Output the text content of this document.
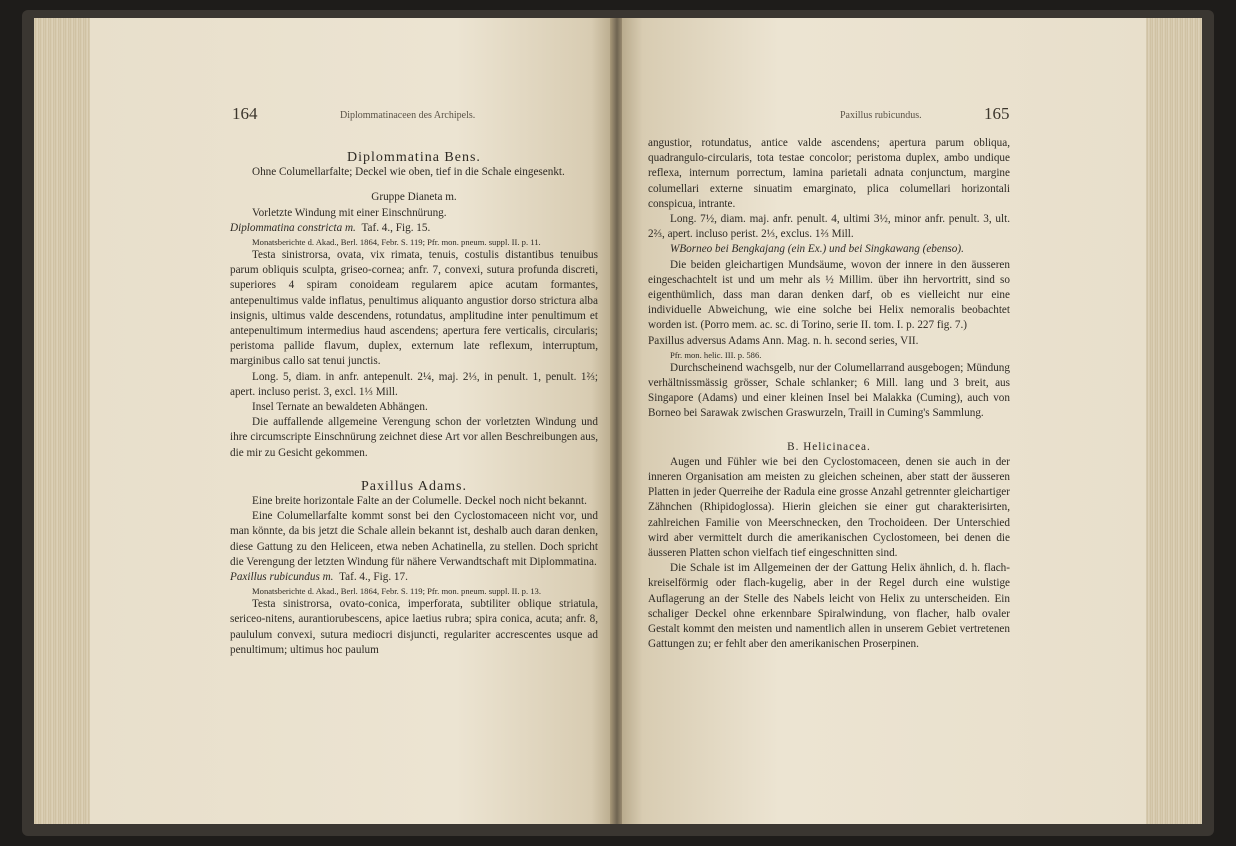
164	Diplommatinaceen des Archipels.

Diplommatina Bens.

Ohne Columellarfalte; Deckel wie oben, tief in die Schale eingesenkt.

Gruppe Dianeta m.

Vorletzte Windung mit einer Einschnürung.

Diplommatina constricta m. Taf. 4., Fig. 15.

Monatsberichte d. Akad., Berl. 1864, Febr. S. 119; Pfr. mon. pneum. suppl. II. p. 11.

Testa sinistrorsa, ovata, vix rimata, tenuis, costulis distantibus tenuibus parum obliquis sculpta, griseo-cornea; anfr. 7, convexi, sutura profunda discreti, superiores 4 spiram conoideam regularem apice acutam formantes, antepenultimus valde inflatus, penultimus aliquanto angustior dorso strictura alba insignis, ultimus valde descendens, rotundatus, amplitudine inter penultimum et antepenultimum intermedius haud ascendens; apertura fere verticalis, circularis; peristoma pallide flavum, duplex, externum late reflexum, interruptum, marginibus callo sat tenui junctis.

Long. 5, diam. in anfr. antepenult. 2¼, maj. 2⅓, in penult. 1, penult. 1⅔; apert. incluso perist. 3, excl. 1⅓ Mill.

Insel Ternate an bewaldeten Abhängen.

Die auffallende allgemeine Verengung schon der vorletzten Windung und ihre circumscripte Einschnürung zeichnet diese Art vor allen Beschreibungen aus, die mir zu Gesicht gekommen.

Paxillus Adams.

Eine breite horizontale Falte an der Columelle. Deckel noch nicht bekannt.

Eine Columellarfalte kommt sonst bei den Cyclostomaceen nicht vor, und man könnte, da bis jetzt die Schale allein bekannt ist, deshalb auch daran denken, diese Gattung zu den Heliceen, etwa neben Achatinella, zu stellen. Doch spricht die Verengung der letzten Windung für nähere Verwandtschaft mit Diplommatina.

Paxillus rubicundus m. Taf. 4., Fig. 17.

Monatsberichte d. Akad., Berl. 1864, Febr. S. 119; Pfr. mon. pneum. suppl. II. p. 13.

Testa sinistrorsa, ovato-conica, imperforata, subtiliter oblique striatula, sericeo-nitens, aurantiorubescens, apice laetius rubra; spira conica, acuta; anfr. 8, paululum convexi, sutura mediocri disjuncti, regulariter accrescentes usque ad penultimum; ultimus hoc paulum

Paxillus rubicundus.	165

angustior, rotundatus, antice valde ascendens; apertura parum obliqua, quadrangulo-circularis, tota testae concolor; peristoma duplex, ambo undique reflexa, internum porrectum, lamina parietali adnata conjunctum, margine columellari externe sinuatim emarginato, plica columellari horizontali conspicua, intrante.

Long. 7½, diam. maj. anfr. penult. 4, ultimi 3½, minor anfr. penult. 3, ult. 2⅔, apert. incluso perist. 2⅓, exclus. 1⅔ Mill.

WBorneo bei Bengkajang (ein Ex.) und bei Singkawang (ebenso).

Die beiden gleichartigen Mundsäume, wovon der innere in den äusseren eingeschachtelt ist und um mehr als ½ Millim. über ihn hervortritt, sind so eigenthümlich, dass man daran denken darf, ob es vielleicht nur eine individuelle Abweichung, wie eine solche bei Helix nemoralis beobachtet worden ist. (Porro mem. ac. sc. di Torino, serie II. tom. I. p. 227 fig. 7.)

Paxillus adversus Adams Ann. Mag. n. h. second series, VII.

Pfr. mon. helic. III. p. 586.

Durchscheinend wachsgelb, nur der Columellarrand ausgebogen; Mündung verhältnissmässig grösser, Schale schlanker; 6 Mill. lang und 3 breit, aus Singapore (Adams) und einer kleinen Insel bei Malakka (Cuming), auch von Borneo bei Sarawak zwischen Graswurzeln, Traill in Cuming's Sammlung.

B. Helicinacea.

Augen und Fühler wie bei den Cyclostomaceen, denen sie auch in der inneren Organisation am meisten zu gleichen scheinen, aber statt der äusseren Platten in jeder Querreihe der Radula eine grosse Anzahl getrennter gleichartiger Zähnchen (Rhipidoglossa). Hierin gleichen sie einer gut charakterisirten, zahlreichen Familie von Meerschnecken, den Trochoideen. Der Unterschied wird aber vermittelt durch die amerikanischen Cyclostomeen, bei denen die äusseren Platten schon vielfach tief eingeschnitten sind.

Die Schale ist im Allgemeinen der der Gattung Helix ähnlich, d. h. flach-kreiselförmig oder flach-kugelig, aber in der Regel durch eine wulstige Auflagerung an der Stelle des Nabels leicht von Helix zu unterscheiden. Ein schaliger Deckel ohne erkennbare Spiralwindung, von flacher, halb ovaler Gestalt kommt den meisten und namentlich allen in unserem Gebiet vertretenen Gattungen zu; er fehlt aber den amerikanischen Proserpinen.
